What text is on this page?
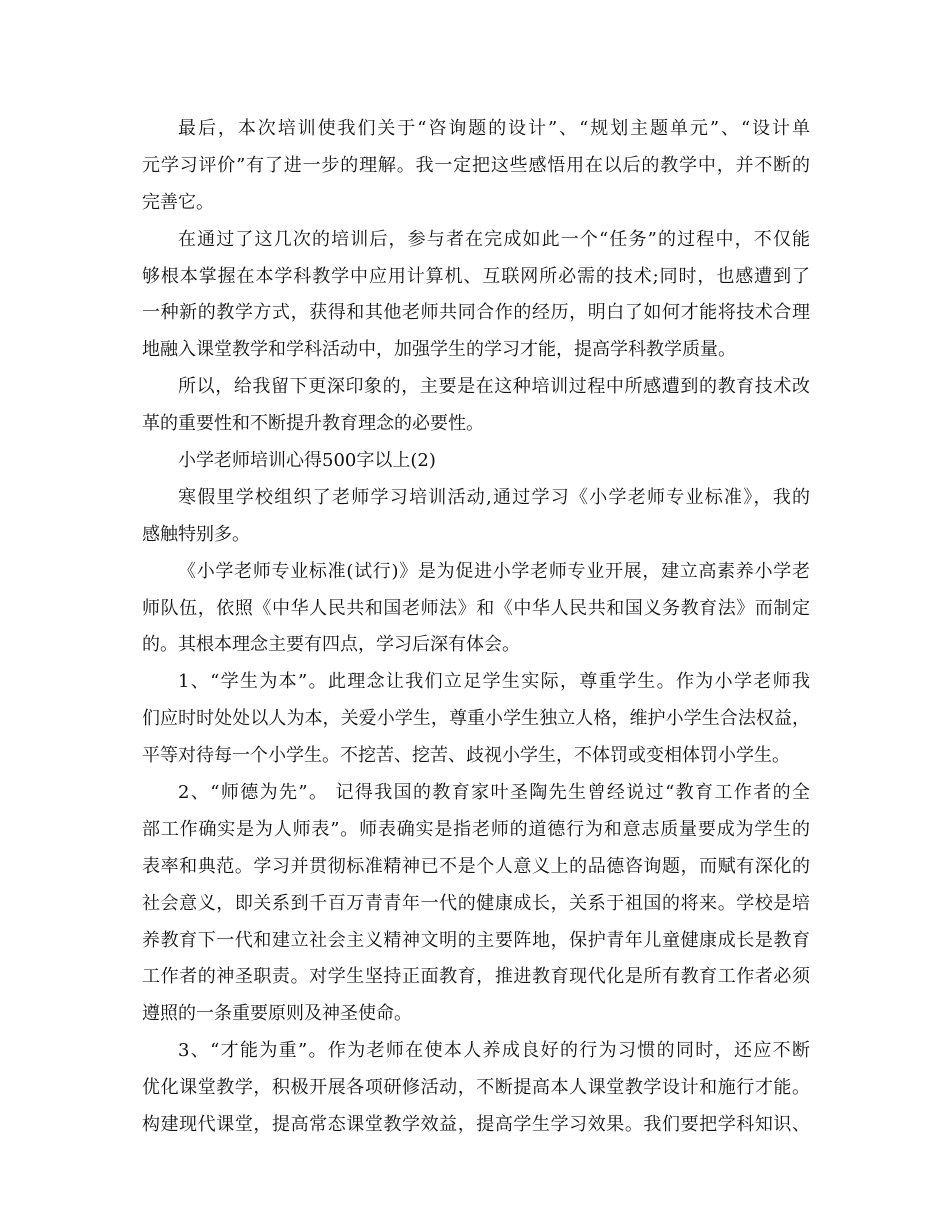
最后，本次培训使我们关于“咨询题的设计”、“规划主题单元”、“设计单
元学习评价”有了进一步的理解。我一定把这些感悟用在以后的教学中，并不断的
完善它。
在通过了这几次的培训后，参与者在完成如此一个“任务”的过程中，不仅能
够根本掌握在本学科教学中应用计算机、互联网所必需的技术;同时，也感遭到了
一种新的教学方式，获得和其他老师共同合作的经历，明白了如何才能将技术合理
地融入课堂教学和学科活动中，加强学生的学习才能，提高学科教学质量。
所以，给我留下更深印象的，主要是在这种培训过程中所感遭到的教育技术改
革的重要性和不断提升教育理念的必要性。
小学老师培训心得500字以上(2)
寒假里学校组织了老师学习培训活动,通过学习《小学老师专业标准》，我的
感触特别多。
《小学老师专业标准(试行)》是为促进小学老师专业开展，建立高素养小学老
师队伍，依照《中华人民共和国老师法》和《中华人民共和国义务教育法》而制定
的。其根本理念主要有四点，学习后深有体会。
1、“学生为本”。此理念让我们立足学生实际，尊重学生。作为小学老师我
们应时时处处以人为本，关爱小学生，尊重小学生独立人格，维护小学生合法权益，
平等对待每一个小学生。不挖苦、挖苦、歧视小学生，不体罚或变相体罚小学生。
2、“师德为先”。 记得我国的教育家叶圣陶先生曾经说过“教育工作者的全
部工作确实是为人师表”。师表确实是指老师的道德行为和意志质量要成为学生的
表率和典范。学习并贯彻标准精神已不是个人意义上的品德咨询题，而赋有深化的
社会意义，即关系到千百万青青年一代的健康成长，关系于祖国的将来。学校是培
养教育下一代和建立社会主义精神文明的主要阵地，保护青年儿童健康成长是教育
工作者的神圣职责。对学生坚持正面教育，推进教育现代化是所有教育工作者必须
遵照的一条重要原则及神圣使命。
3、“才能为重”。作为老师在使本人养成良好的行为习惯的同时，还应不断
优化课堂教学，积极开展各项研修活动，不断提高本人课堂教学设计和施行才能。
构建现代课堂，提高常态课堂教学效益，提高学生学习效果。我们要把学科知识、
